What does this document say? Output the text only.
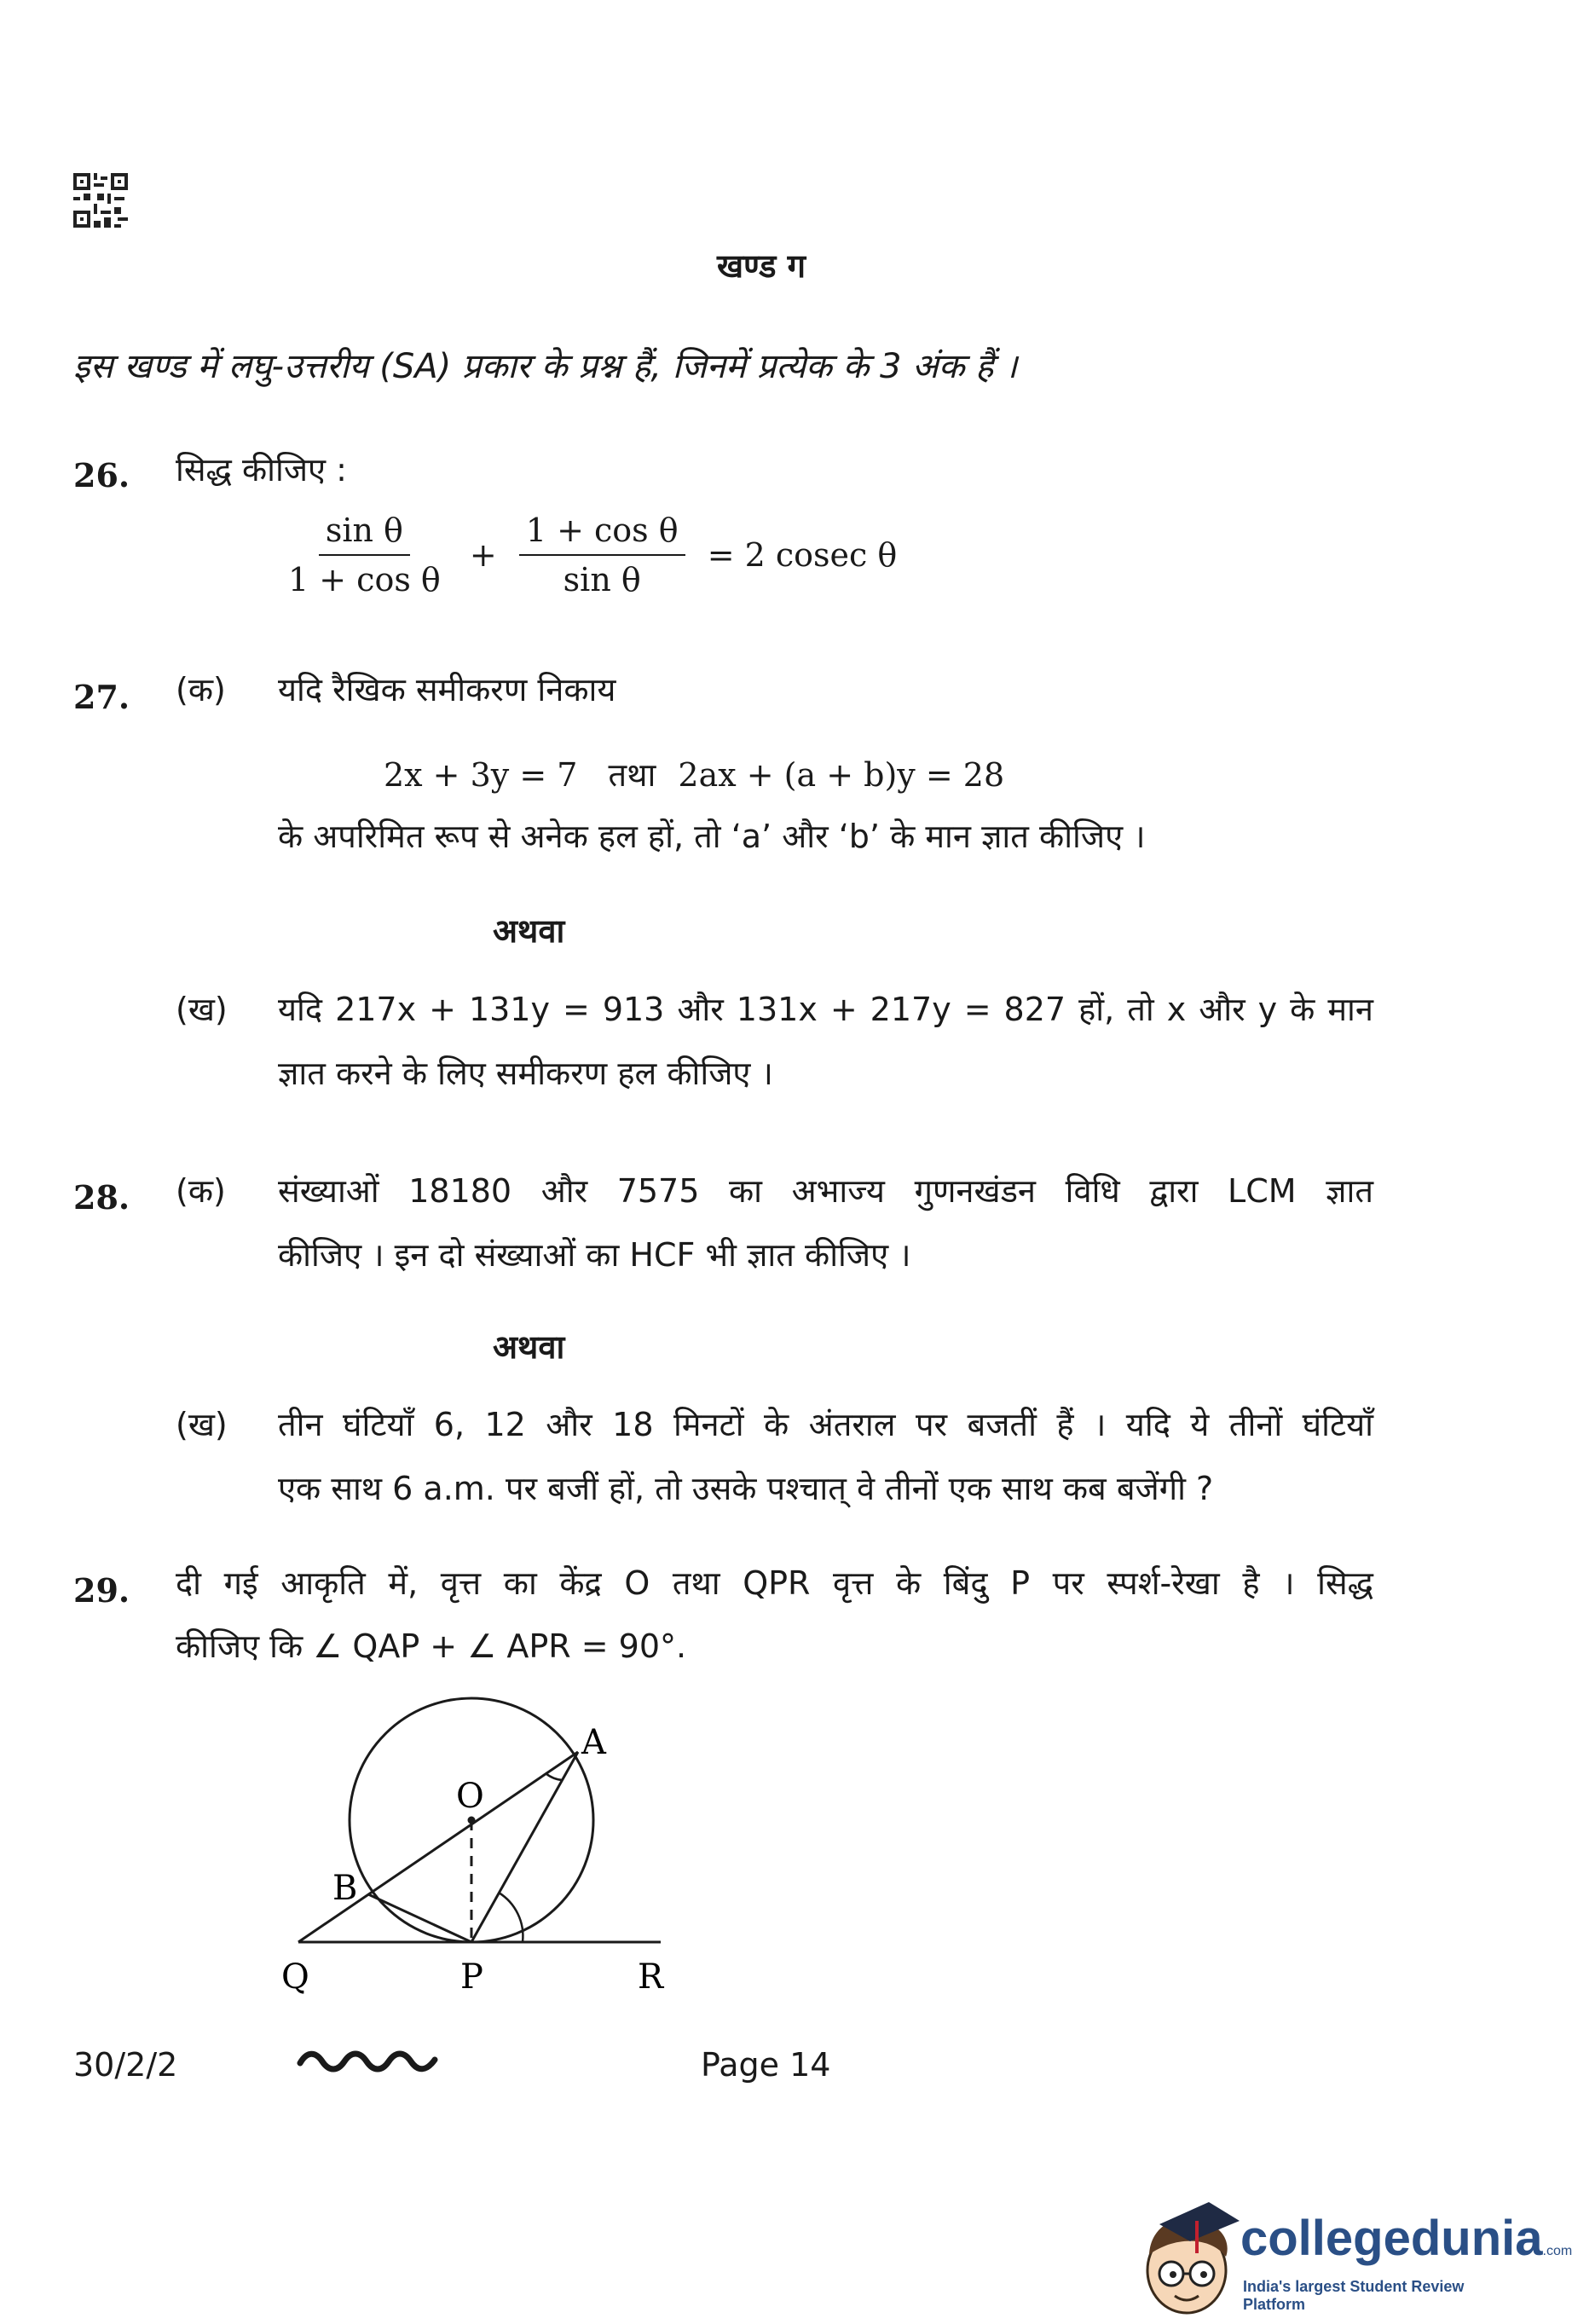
खण्ड ग
इस खण्ड में लघु-उत्तरीय (SA) प्रकार के प्रश्न हैं, जिनमें प्रत्येक के 3 अंक हैं ।
26. सिद्ध कीजिए :
$\frac{\text{sin θ}}{\text{1 + cos θ}} + \frac{\text{1 + cos θ}}{\text{sin θ}} = 2$ cosec θ
27. (क) यदि रैखिक समीकरण निकाय
2x + 3y = 7 तथा 2ax + (a + b)y = 28
के अपरिमित रूप से अनेक हल हों, तो ‘a’ और ‘b’ के मान ज्ञात कीजिए ।
अथवा
(ख) यदि 217x + 131y = 913 और 131x + 217y = 827 हों, तो x और y के मान
ज्ञात करने के लिए समीकरण हल कीजिए ।
28. (क) संख्याओं 18180 और 7575 का अभाज्य गुणनखंडन विधि द्वारा LCM ज्ञात
कीजिए । इन दो संख्याओं का HCF भी ज्ञात कीजिए ।
अथवा
(ख) तीन घंटियाँ 6, 12 और 18 मिनटों के अंतराल पर बजतीं हैं । यदि ये तीनों घंटियाँ
एक साथ 6 a.m. पर बजीं हों, तो उसके पश्चात् वे तीनों एक साथ कब बजेंगी ?
29. दी गई आकृति में, वृत्त का केंद्र O तथा QPR वृत्त के बिंदु P पर स्पर्श-रेखा है । सिद्ध
कीजिए कि ∠ QAP + ∠ APR = 90°.
A
O
B
Q	P	R
30/2/2	Page 14
collegedunia.com
India's largest Student Review Platform
